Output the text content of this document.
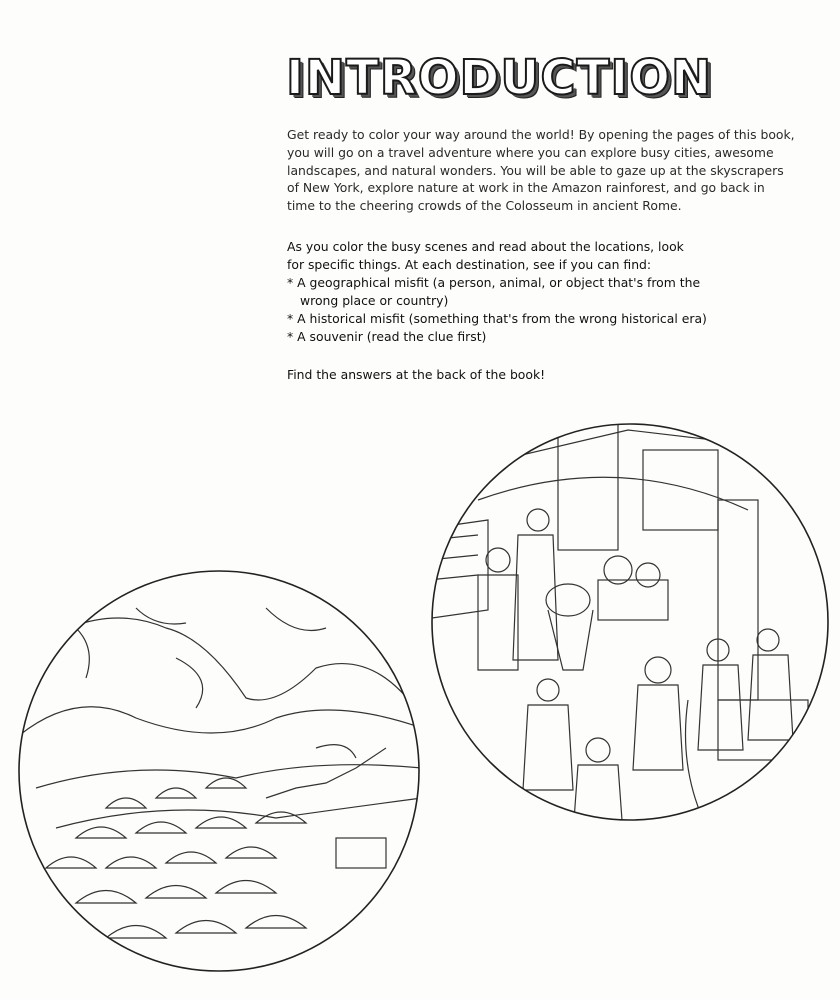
INTRODUCTION
Get ready to color your way around the world! By opening the pages of this book,
you will go on a travel adventure where you can explore busy cities, awesome
landscapes, and natural wonders. You will be able to gaze up at the skyscrapers
of New York, explore nature at work in the Amazon rainforest, and go back in
time to the cheering crowds of the Colosseum in ancient Rome.
As you color the busy scenes and read about the locations, look
for specific things. At each destination, see if you can find:
* A geographical misfit (a person, animal, or object that's from the
wrong place or country)
* A historical misfit (something that's from the wrong historical era)
* A souvenir (read the clue first)
Find the answers at the back of the book!
